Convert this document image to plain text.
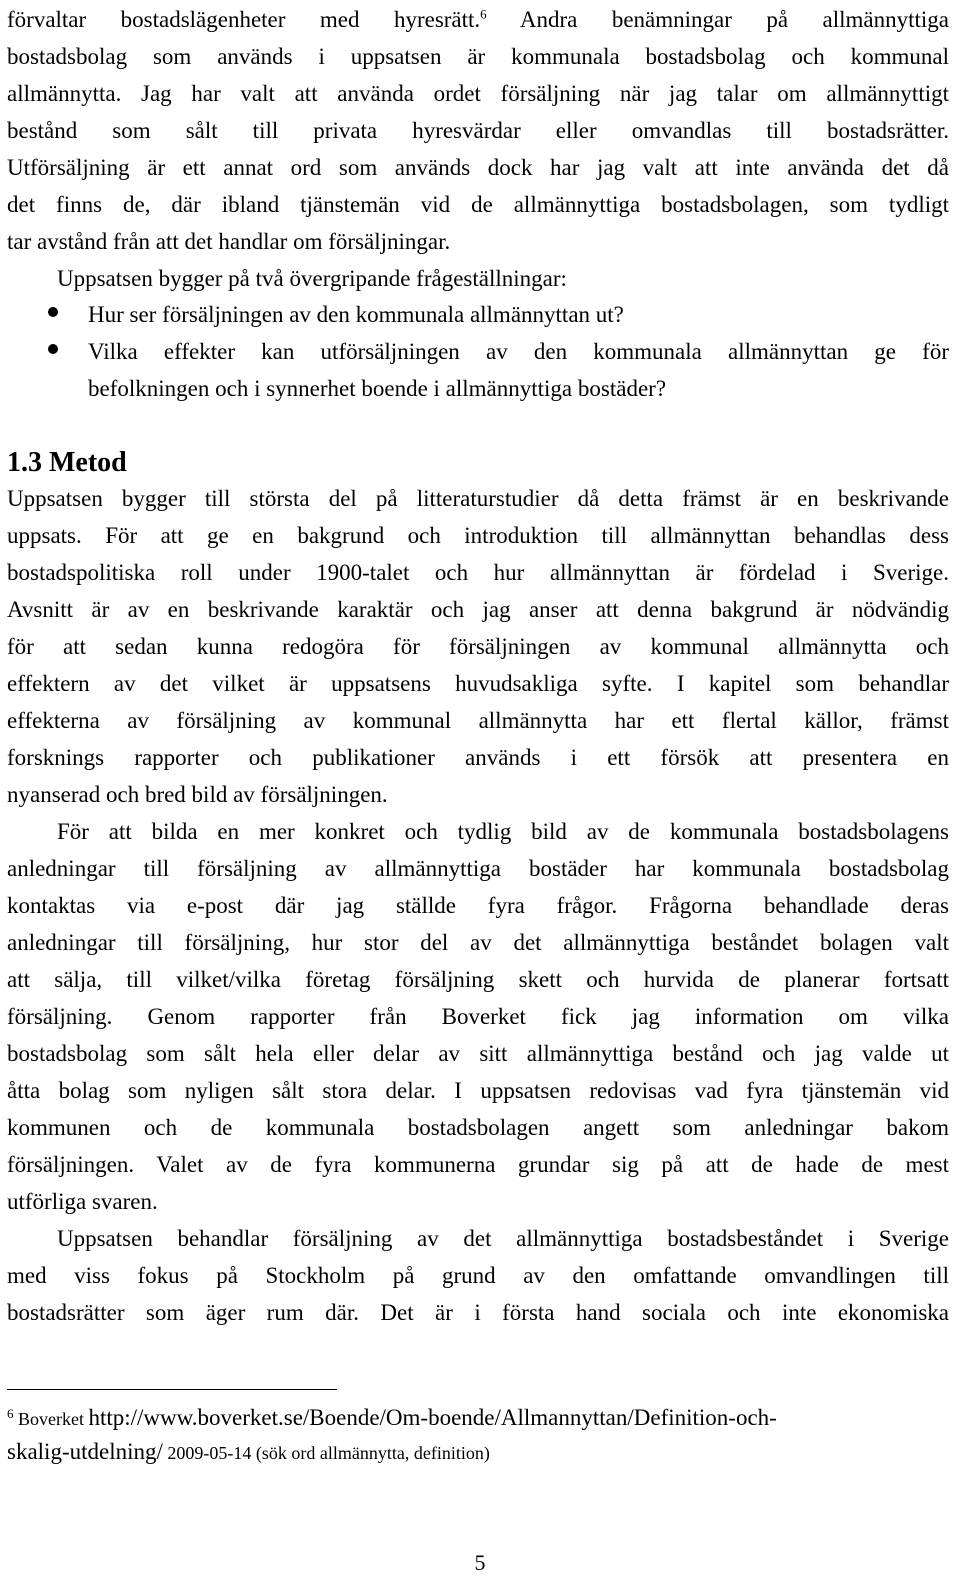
förvaltar bostadslägenheter med hyresrätt.$^6$ Andra benämningar på allmännyttiga
bostadsbolag som används i uppsatsen är kommunala bostadsbolag och kommunal
allmännytta. Jag har valt att använda ordet försäljning när jag talar om allmännyttigt
bestånd som sålt till privata hyresvärdar eller omvandlas till bostadsrätter.
Utförsäljning är ett annat ord som används dock har jag valt att inte använda det då
det finns de, där ibland tjänstemän vid de allmännyttiga bostadsbolagen, som tydligt
tar avstånd från att det handlar om försäljningar.
Uppsatsen bygger på två övergripande frågeställningar:
Hur ser försäljningen av den kommunala allmännyttan ut?
Vilka effekter kan utförsäljningen av den kommunala allmännyttan ge för
befolkningen och i synnerhet boende i allmännyttiga bostäder?
1.3 Metod
Uppsatsen bygger till största del på litteraturstudier då detta främst är en beskrivande
uppsats. För att ge en bakgrund och introduktion till allmännyttan behandlas dess
bostadspolitiska roll under 1900-talet och hur allmännyttan är fördelad i Sverige.
Avsnitt är av en beskrivande karaktär och jag anser att denna bakgrund är nödvändig
för att sedan kunna redogöra för försäljningen av kommunal allmännytta och
effektern av det vilket är uppsatsens huvudsakliga syfte. I kapitel som behandlar
effekterna av försäljning av kommunal allmännytta har ett flertal källor, främst
forsknings rapporter och publikationer används i ett försök att presentera en
nyanserad och bred bild av försäljningen.
För att bilda en mer konkret och tydlig bild av de kommunala bostadsbolagens
anledningar till försäljning av allmännyttiga bostäder har kommunala bostadsbolag
kontaktas via e-post där jag ställde fyra frågor. Frågorna behandlade deras
anledningar till försäljning, hur stor del av det allmännyttiga beståndet bolagen valt
att sälja, till vilket/vilka företag försäljning skett och hurvida de planerar fortsatt
försäljning. Genom rapporter från Boverket fick jag information om vilka
bostadsbolag som sålt hela eller delar av sitt allmännyttiga bestånd och jag valde ut
åtta bolag som nyligen sålt stora delar. I uppsatsen redovisas vad fyra tjänstemän vid
kommunen och de kommunala bostadsbolagen angett som anledningar bakom
försäljningen. Valet av de fyra kommunerna grundar sig på att de hade de mest
utförliga svaren.
Uppsatsen behandlar försäljning av det allmännyttiga bostadsbeståndet i Sverige
med viss fokus på Stockholm på grund av den omfattande omvandlingen till
bostadsrätter som äger rum där. Det är i första hand sociala och inte ekonomiska
$^6$ Boverket http://www.boverket.se/Boende/Om-boende/Allmannyttan/Definition-och-
skalig-utdelning/ 2009-05-14 (sök ord allmännytta, definition)
5
